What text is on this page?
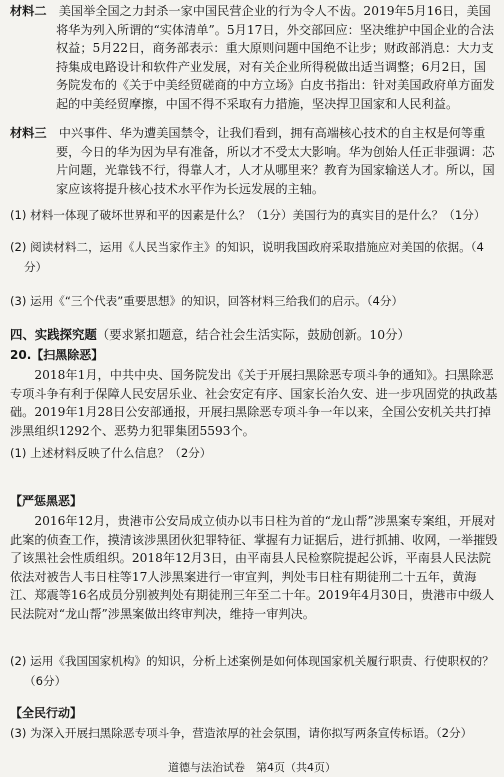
材料二　 美国举全国之力封杀一家中国民营企业的行为令人不齿。2019年5月16日，美国将华为列入所谓的“实体清单”。5月17日，外交部回应：坚决维护中国企业的合法权益；5月22日，商务部表示：重大原则问题中国绝不让步；财政部消息：大力支持集成电路设计和软件产业发展，对有关企业所得税做出适当调整；6月2日，国务院发布的《关于中美经贸磋商的中方立场》白皮书指出：针对美国政府单方面发起的中美经贸摩擦，中国不得不采取有力措施，坚决捍卫国家和人民利益。

材料三　 中兴事件、华为遭美国禁令，让我们看到，拥有高端核心技术的自主权是何等重要，今日的华为因为早有准备，所以才不受太大影响。华为创始人任正非强调：芯片问题，光靠钱不行，得靠人才，人才从哪里来？教育为国家输送人才。所以，国家应该将提升核心技术水平作为长远发展的主轴。

(1) 材料一体现了破坏世界和平的因素是什么？（1分）美国行为的真实目的是什么？（1分）

(2) 阅读材料二，运用《人民当家作主》的知识，说明我国政府采取措施应对美国的依据。（4分）

(3) 运用《“三个代表”重要思想》的知识，回答材料三给我们的启示。（4分）

四、实践探究题（要求紧扣题意，结合社会生活实际，鼓励创新。10分）

20.【扫黑除恶】

2018年1月，中共中央、国务院发出《关于开展扫黑除恶专项斗争的通知》。扫黑除恶专项斗争有利于保障人民安居乐业、社会安定有序、国家长治久安、进一步巩固党的执政基础。2019年1月28日公安部通报，开展扫黑除恶专项斗争一年以来，全国公安机关共打掉涉黑组织1292个、恶势力犯罪集团5593个。

(1) 上述材料反映了什么信息？（2分）

【严惩黑恶】

2016年12月，贵港市公安局成立侦办以韦日柱为首的“龙山帮”涉黑案专案组，开展对此案的侦查工作，摸清该涉黑团伙犯罪特征、掌握有力证据后，进行抓捕、收网，一举摧毁了该黑社会性质组织。2018年12月3日，由平南县人民检察院提起公诉，平南县人民法院依法对被告人韦日柱等17人涉黑案进行一审宣判，判处韦日柱有期徒刑二十五年，黄海江、郑震等16名成员分别被判处有期徒刑三年至二十年。2019年4月30日，贵港市中级人民法院对“龙山帮”涉黑案做出终审判决，维持一审判决。

(2) 运用《我国国家机构》的知识，分析上述案例是如何体现国家机关履行职责、行使职权的？（6分）

【全民行动】

(3) 为深入开展扫黑除恶专项斗争，营造浓厚的社会氛围，请你拟写两条宣传标语。（2分）

道德与法治试卷　第4页（共4页）
